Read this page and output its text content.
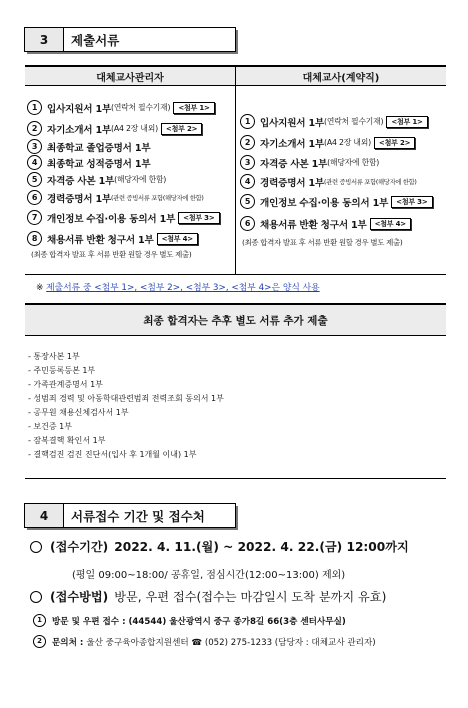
3	제출서류
대체교사관리자	대체교사(계약직)
1	입사지원서 1부 (연락처 필수기재)	<첨부 1>
2	자기소개서 1부 (A4 2장 내외)	<첨부 2>
3	최종학교 졸업증명서 1부
4	최종학교 성적증명서 1부
5	자격증 사본 1부 (해당자에 한함)
6	경력증명서 1부 (관련 증빙서류 포함(해당자에 한함)
7	개인정보 수집·이용 동의서 1부	<첨부 3>
8	채용서류 반환 청구서 1부	<첨부 4>
(최종 합격자 발표 후 서류 반환 원할 경우 별도 제출)
1	입사지원서 1부 (연락처 필수기재)	<첨부 1>
2	자기소개서 1부 (A4 2장 내외)	<첨부 2>
3	자격증 사본 1부 (해당자에 한함)
4	경력증명서 1부 (관련 증빙서류 포함(해당자에 한함)
5	개인정보 수집·이용 동의서 1부	<첨부 3>
6	채용서류 반환 청구서 1부	<첨부 4>
(최종 합격자 발표 후 서류 반환 원할 경우 별도 제출)
※ 제출서류 중 <첨부 1>, <첨부 2>, <첨부 3>, <첨부 4>은 양식 사용
최종 합격자는 추후 별도 서류 추가 제출
- 통장사본 1부
- 주민등록등본 1부
- 가족관계증명서 1부
- 성범죄 경력 및 아동학대관련범죄 전력조회 동의서 1부
- 공무원 채용신체검사서 1부
- 보건증 1부
- 잠복결핵 확인서 1부
- 결핵검진 검진 진단서(입사 후 1개월 이내) 1부
4	서류접수 기간 및 접수처
(접수기간) 2022. 4. 11.(월) ~ 2022. 4. 22.(금) 12:00까지
(평일 09:00~18:00/ 공휴일, 점심시간(12:00~13:00) 제외)
(접수방법) 방문, 우편 접수(접수는 마감일시 도착 분까지 유효)
1	방문 및 우편 접수 : (44544) 울산광역시 중구 종가8길 66(3층 센터사무실)
2	문의처 : 울산 중구육아종합지원센터 ☎ (052) 275-1233 (담당자 : 대체교사 관리자)
